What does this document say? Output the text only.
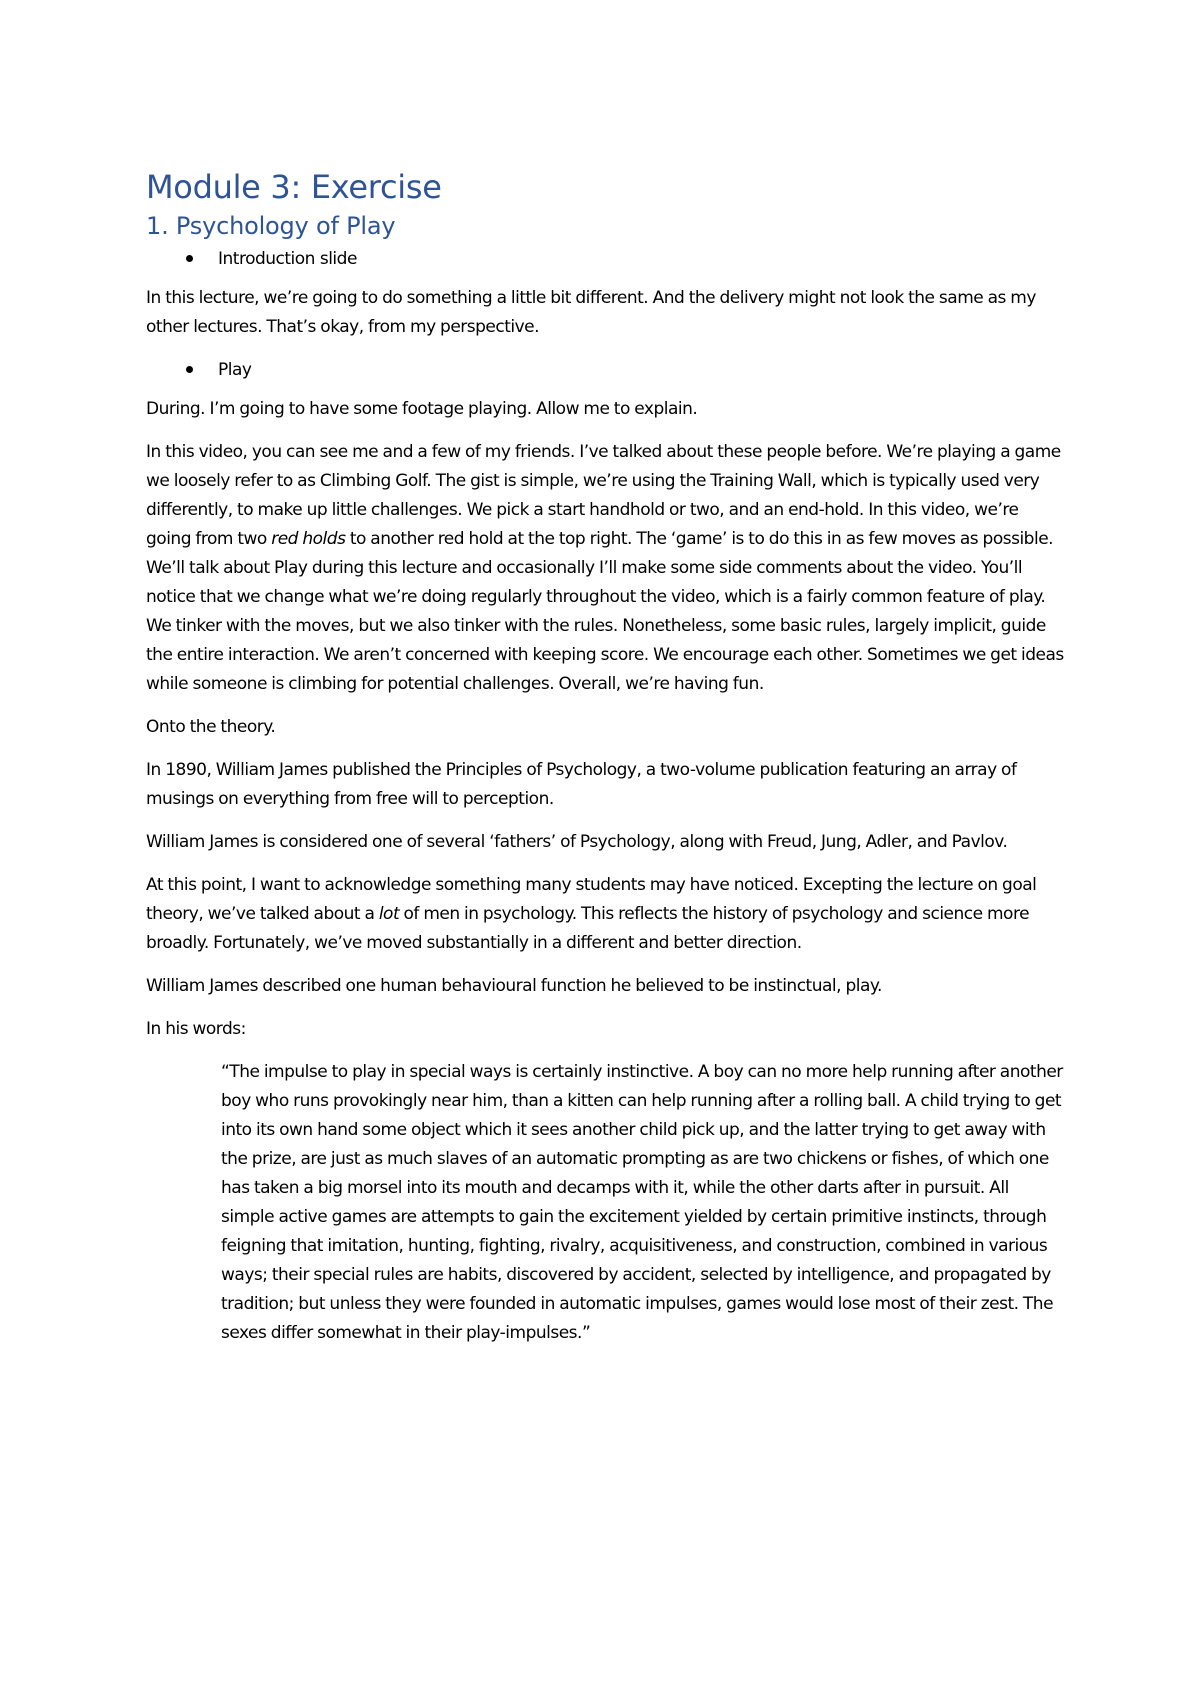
Module 3: Exercise
1. Psychology of Play
Introduction slide

In this lecture, we’re going to do something a little bit different. And the delivery might not look the same as my other lectures. That’s okay, from my perspective.

Play

During. I’m going to have some footage playing. Allow me to explain.

In this video, you can see me and a few of my friends. I’ve talked about these people before. We’re playing a game we loosely refer to as Climbing Golf. The gist is simple, we’re using the Training Wall, which is typically used very differently, to make up little challenges. We pick a start handhold or two, and an end-hold. In this video, we’re going from two red holds to another red hold at the top right. The ‘game’ is to do this in as few moves as possible. We’ll talk about Play during this lecture and occasionally I’ll make some side comments about the video. You’ll notice that we change what we’re doing regularly throughout the video, which is a fairly common feature of play. We tinker with the moves, but we also tinker with the rules. Nonetheless, some basic rules, largely implicit, guide the entire interaction. We aren’t concerned with keeping score. We encourage each other. Sometimes we get ideas while someone is climbing for potential challenges. Overall, we’re having fun.

Onto the theory.

In 1890, William James published the Principles of Psychology, a two-volume publication featuring an array of musings on everything from free will to perception.

William James is considered one of several ‘fathers’ of Psychology, along with Freud, Jung, Adler, and Pavlov.

At this point, I want to acknowledge something many students may have noticed. Excepting the lecture on goal theory, we’ve talked about a lot of men in psychology. This reflects the history of psychology and science more broadly. Fortunately, we’ve moved substantially in a different and better direction.

William James described one human behavioural function he believed to be instinctual, play.

In his words:

“The impulse to play in special ways is certainly instinctive. A boy can no more help running after another boy who runs provokingly near him, than a kitten can help running after a rolling ball. A child trying to get into its own hand some object which it sees another child pick up, and the latter trying to get away with the prize, are just as much slaves of an automatic prompting as are two chickens or fishes, of which one has taken a big morsel into its mouth and decamps with it, while the other darts after in pursuit. All simple active games are attempts to gain the excitement yielded by certain primitive instincts, through feigning that imitation, hunting, fighting, rivalry, acquisitiveness, and construction, combined in various ways; their special rules are habits, discovered by accident, selected by intelligence, and propagated by tradition; but unless they were founded in automatic impulses, games would lose most of their zest. The sexes differ somewhat in their play-impulses.”
